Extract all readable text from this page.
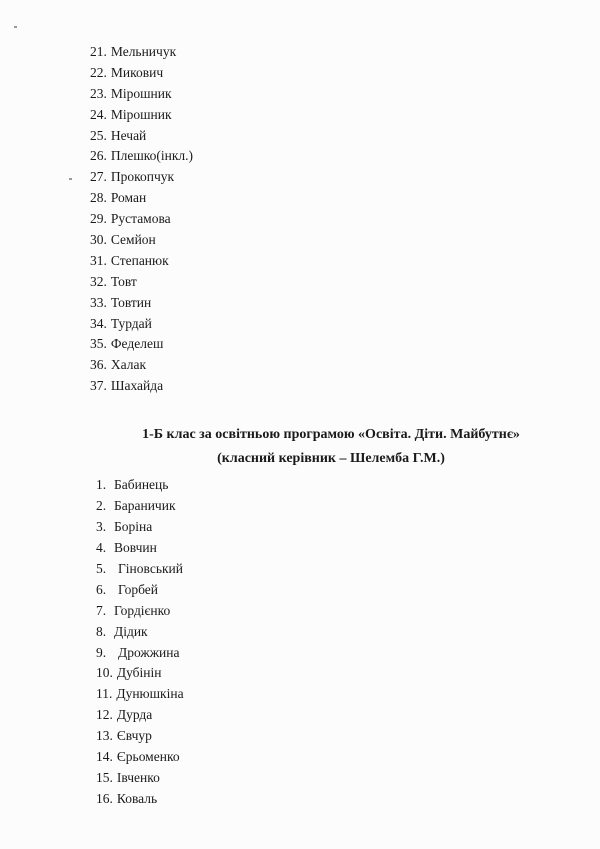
21. Мельничук
22. Микович
23. Мірошник
24. Мірошник
25. Нечай
26. Плешко(інкл.)
27. Прокопчук
28. Роман
29. Рустамова
30. Семйон
31. Степанюк
32. Товт
33. Товтин
34. Турдай
35. Феделеш
36. Халак
37. Шахайда
1-Б клас за освітньою програмою «Освіта. Діти. Майбутнє»
(класний керівник – Шелемба Г.М.)
1. Бабинець
2. Бараничик
3. Боріна
4. Вовчин
5. Гіновський
6. Горбей
7. Гордієнко
8. Дідик
9. Дрожжина
10. Дубінін
11. Дунюшкіна
12. Дурда
13. Євчур
14. Єрьоменко
15. Івченко
16. Коваль
